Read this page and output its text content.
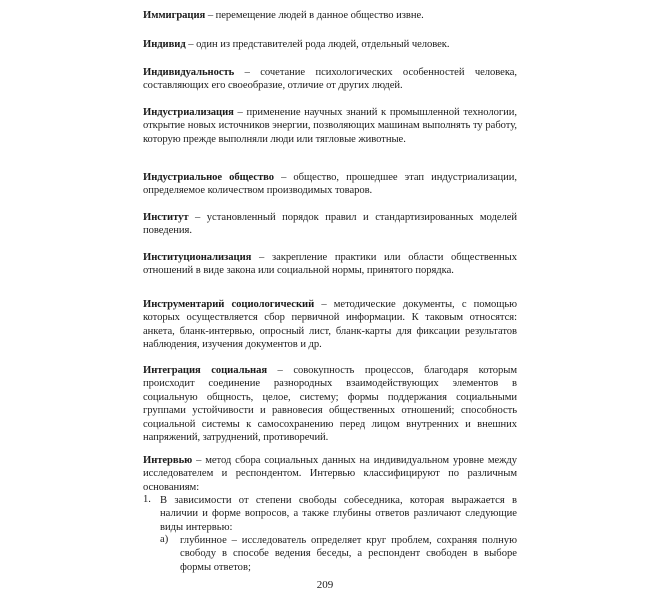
Иммиграция – перемещение людей в данное общество извне.

Индивид – один из представителей рода людей, отдельный человек.

Индивидуальность – сочетание психологических особенностей человека, составляющих его своеобразие, отличие от других людей.

Индустриализация – применение научных знаний к промышленной технологии, открытие новых источников энергии, позволяющих машинам выполнять ту работу, которую прежде выполняли люди или тягловые животные.

Индустриальное общество – общество, прошедшее этап индустриализации, определяемое количеством производимых товаров.

Институт – установленный порядок правил и стандартизированных моделей поведения.

Институционализация – закрепление практики или области общественных отношений в виде закона или социальной нормы, принятого порядка.

Инструментарий социологический – методические документы, с помощью которых осуществляется сбор первичной информации. К таковым относятся: анкета, бланк-интервью, опросный лист, бланк-карты для фиксации результатов наблюдения, изучения документов и др.

Интеграция социальная – совокупность процессов, благодаря которым происходит соединение разнородных взаимодействующих элементов в социальную общность, целое, систему; формы поддержания социальными группами устойчивости и равновесия общественных отношений; способность социальной системы к самосохранению перед лицом внутренних и внешних напряжений, затруднений, противоречий.

Интервью – метод сбора социальных данных на индивидуальном уровне между исследователем и респондентом. Интервью классифицируют по различным основаниям:

1. В зависимости от степени свободы собеседника, которая выражается в наличии и форме вопросов, а также глубины ответов различают следующие виды интервью:

а) глубинное – исследователь определяет круг проблем, сохраняя полную свободу в способе ведения беседы, а респондент свободен в выборе формы ответов;

209
